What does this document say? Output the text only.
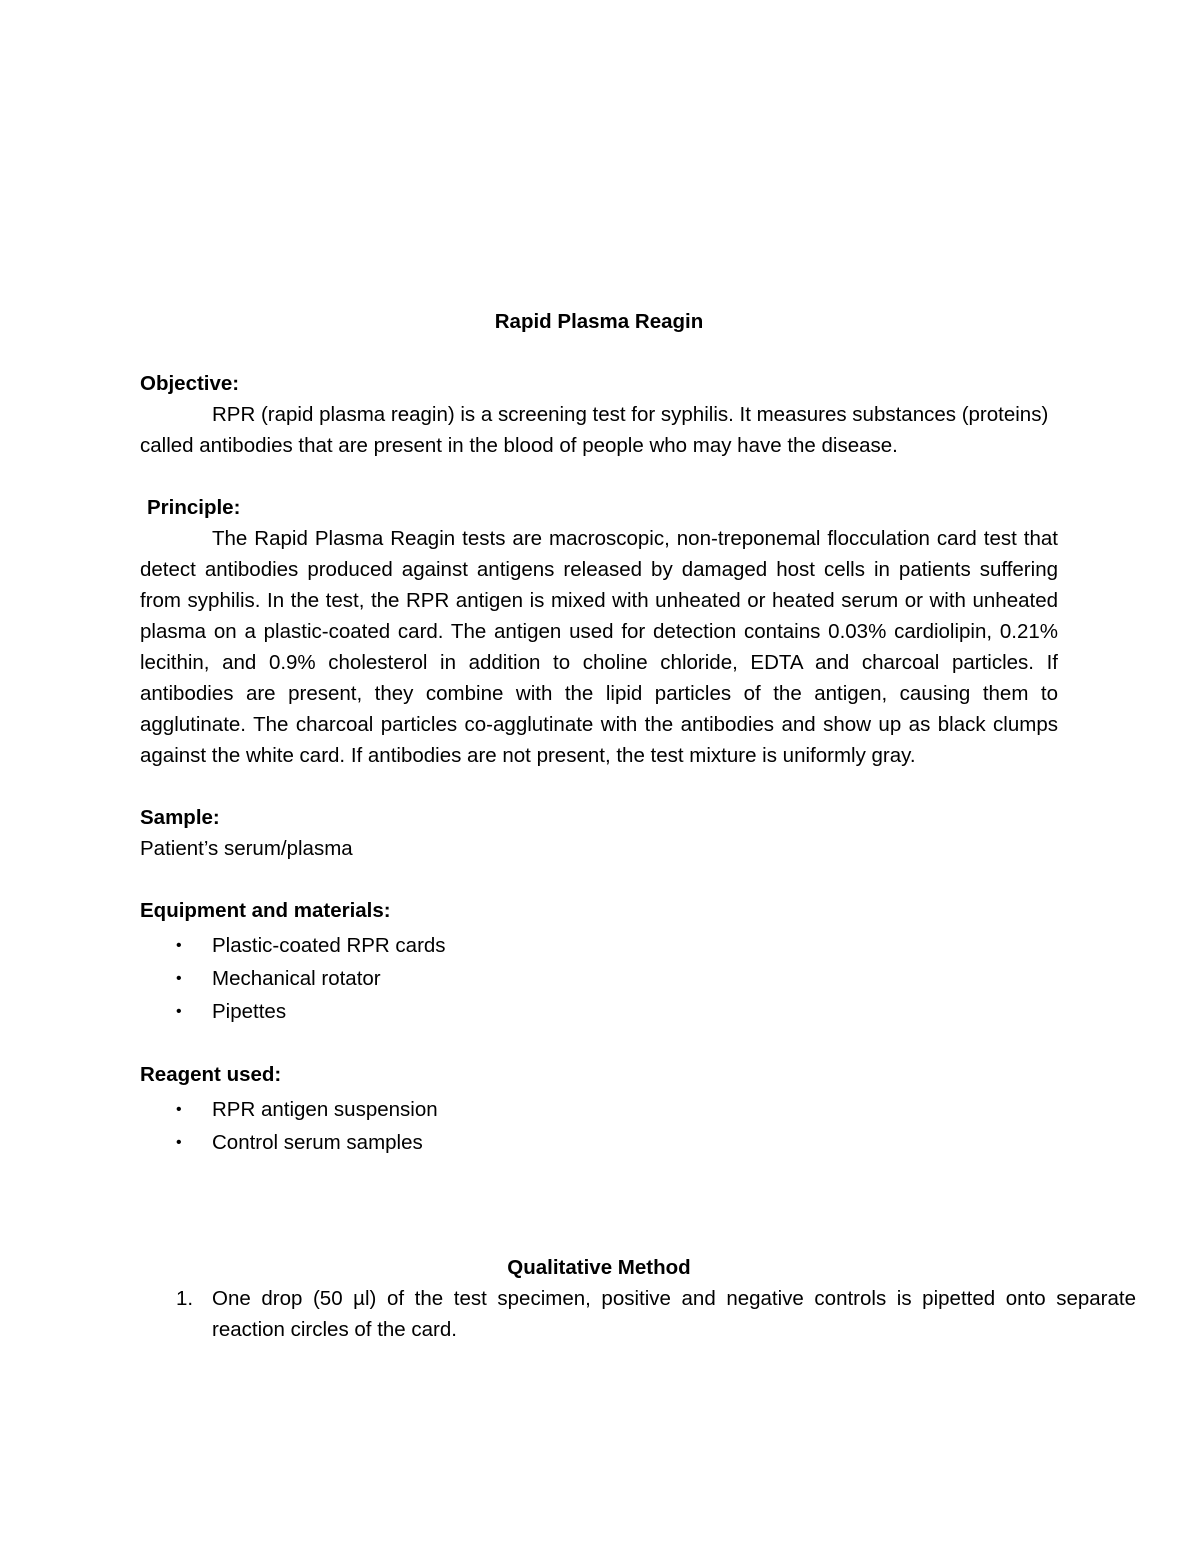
Rapid Plasma Reagin

Objective:

RPR (rapid plasma reagin) is a screening test for syphilis. It measures substances (proteins) called antibodies that are present in the blood of people who may have the disease.

Principle:

The Rapid Plasma Reagin tests are macroscopic, non-treponemal flocculation card test that detect antibodies produced against antigens released by damaged host cells in patients suffering from syphilis. In the test, the RPR antigen is mixed with unheated or heated serum or with unheated plasma on a plastic-coated card. The antigen used for detection contains 0.03% cardiolipin, 0.21% lecithin, and 0.9% cholesterol in addition to choline chloride, EDTA and charcoal particles. If antibodies are present, they combine with the lipid particles of the antigen, causing them to agglutinate. The charcoal particles co-agglutinate with the antibodies and show up as black clumps against the white card. If antibodies are not present, the test mixture is uniformly gray.

Sample:

Patient’s serum/plasma

Equipment and materials:

• Plastic-coated RPR cards
• Mechanical rotator
• Pipettes

Reagent used:

• RPR antigen suspension
• Control serum samples

Qualitative Method

1. One drop (50 µl) of the test specimen, positive and negative controls is pipetted onto separate reaction circles of the card.
